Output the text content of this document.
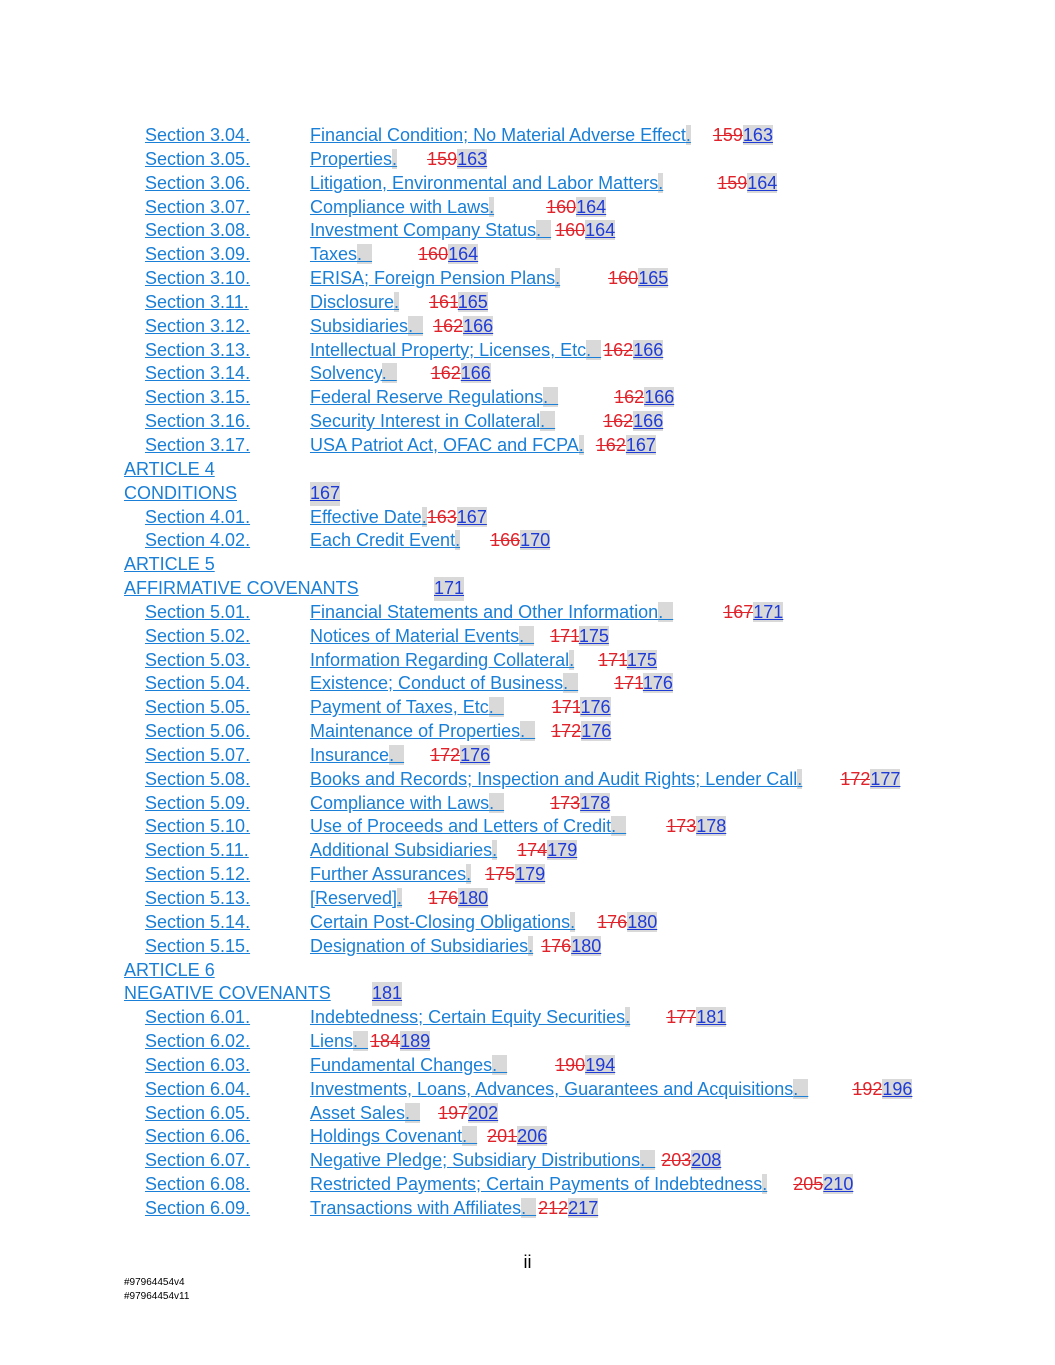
Section 3.04.	Financial Condition; No Material Adverse Effect. 159163
Section 3.05.	Properties. 159163
Section 3.06.	Litigation, Environmental and Labor Matters.	159164
Section 3.07.	Compliance with Laws.	160164
Section 3.08.	Investment Company Status.  160164
Section 3.09.	Taxes.	160164
Section 3.10.	ERISA; Foreign Pension Plans.	160165
Section 3.11.	Disclosure. 161165
Section 3.12.	Subsidiaries.  162166
Section 3.13.	Intellectual Property; Licenses, Etc.  162166
Section 3.14.	Solvency.  162166
Section 3.15.	Federal Reserve Regulations.	162166
Section 3.16.	Security Interest in Collateral.	162166
Section 3.17.	USA Patriot Act, OFAC and FCPA. 162167
ARTICLE 4
CONDITIONS	167
Section 4.01.	Effective Date.163167
Section 4.02.	Each Credit Event. 166170
ARTICLE 5
AFFIRMATIVE COVENANTS	171
Section 5.01.	Financial Statements and Other Information.	167171
Section 5.02.	Notices of Material Events.  171175
Section 5.03.	Information Regarding Collateral. 171175
Section 5.04.	Existence; Conduct of Business.  171176
Section 5.05.	Payment of Taxes, Etc.	171176
Section 5.06.	Maintenance of Properties.  172176
Section 5.07.	Insurance.  172176
Section 5.08.	Books and Records; Inspection and Audit Rights; Lender Call. 172177
Section 5.09.	Compliance with Laws.	173178
Section 5.10.	Use of Proceeds and Letters of Credit.  173178
Section 5.11.	Additional Subsidiaries. 174179
Section 5.12.	Further Assurances. 175179
Section 5.13.	[Reserved]. 176180
Section 5.14.	Certain Post-Closing Obligations. 176180
Section 5.15.	Designation of Subsidiaries. 176180
ARTICLE 6
NEGATIVE COVENANTS 181
Section 6.01.	Indebtedness; Certain Equity Securities. 177181
Section 6.02.	Liens.  184189
Section 6.03.	Fundamental Changes.	190194
Section 6.04.	Investments, Loans, Advances, Guarantees and Acquisitions.  192196
Section 6.05.	Asset Sales.  197202
Section 6.06.	Holdings Covenant.  201206
Section 6.07.	Negative Pledge; Subsidiary Distributions.  203208
Section 6.08.	Restricted Payments; Certain Payments of Indebtedness. 205210
Section 6.09.	Transactions with Affiliates.  212217
ii
#97964454v4
#97964454v11
